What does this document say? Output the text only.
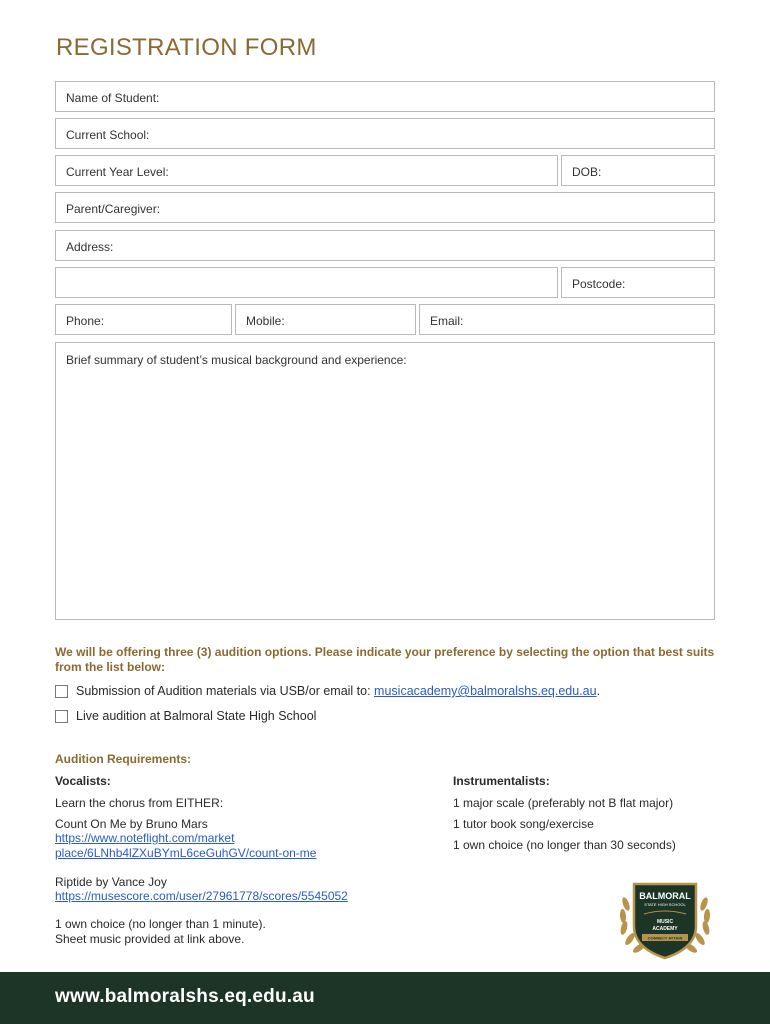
REGISTRATION FORM
Name of Student:
Current School:
Current Year Level:	DOB:
Parent/Caregiver:
Address:
Postcode:
Phone:	Mobile:	Email:
Brief summary of student’s musical background and experience:
We will be offering three (3) audition options. Please indicate your preference by selecting the option that best suits from the list below:
Submission of Audition materials via USB/or email to: musicacademy@balmoralshs.eq.edu.au.
Live audition at Balmoral State High School
Audition Requirements:
Vocalists:
Learn the chorus from EITHER:
Count On Me by Bruno Mars
https://www.noteflight.com/market
place/6LNhb4lZXuBYmL6ceGuhGV/count-on-me
Riptide by Vance Joy
https://musescore.com/user/27961778/scores/5545052
1 own choice (no longer than 1 minute).
Sheet music provided at link above.
Instrumentalists:
1 major scale (preferably not B flat major)
1 tutor book song/exercise
1 own choice (no longer than 30 seconds)
BALMORAL
STATE HIGH SCHOOL
MUSIC
ACADEMY
CONNECT ATTAIN
www.balmoralshs.eq.edu.au
